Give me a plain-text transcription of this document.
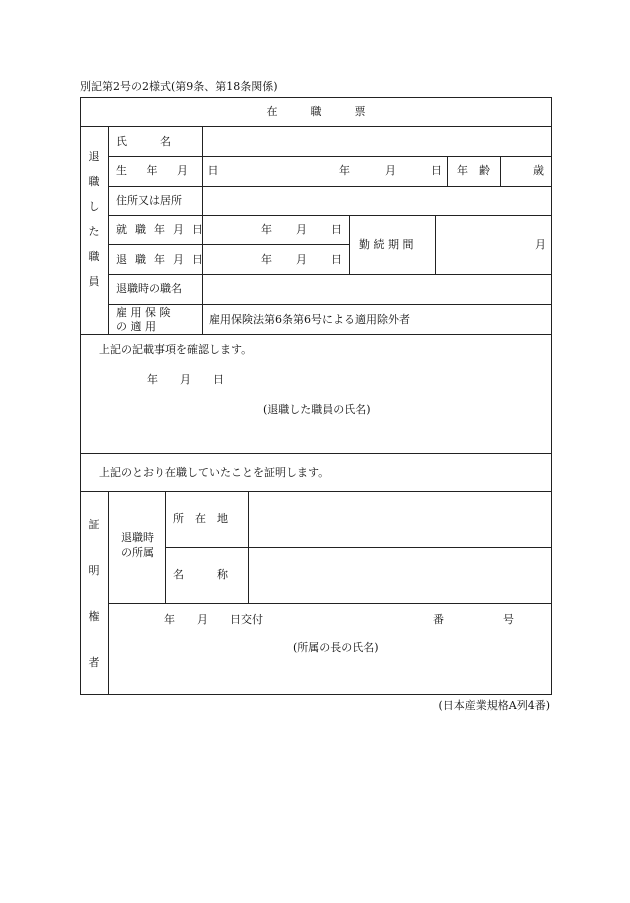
別記第2号の2様式(第9条、第18条関係)
在　　　職　　　票
退
職
し
た
職
員
氏　　　名
生 年 月 日	年	月	日 年　齢	歳
住所又は居所
就職年月日	年 月 日
退職年月日	年 月 日
勤 続 期 間	月
退職時の職名
雇 用 保 険
の 適 用
雇用保険法第6条第6号による適用除外者
上記の記載事項を確認します。
年　　月　　日
(退職した職員の氏名)
上記のとおり在職していたことを証明します。
証
明
権
者
退職時
の所属
所　在　地
名　　　称
年　　月　　日交付	番	号
(所属の長の氏名)
(日本産業規格A列4番)
